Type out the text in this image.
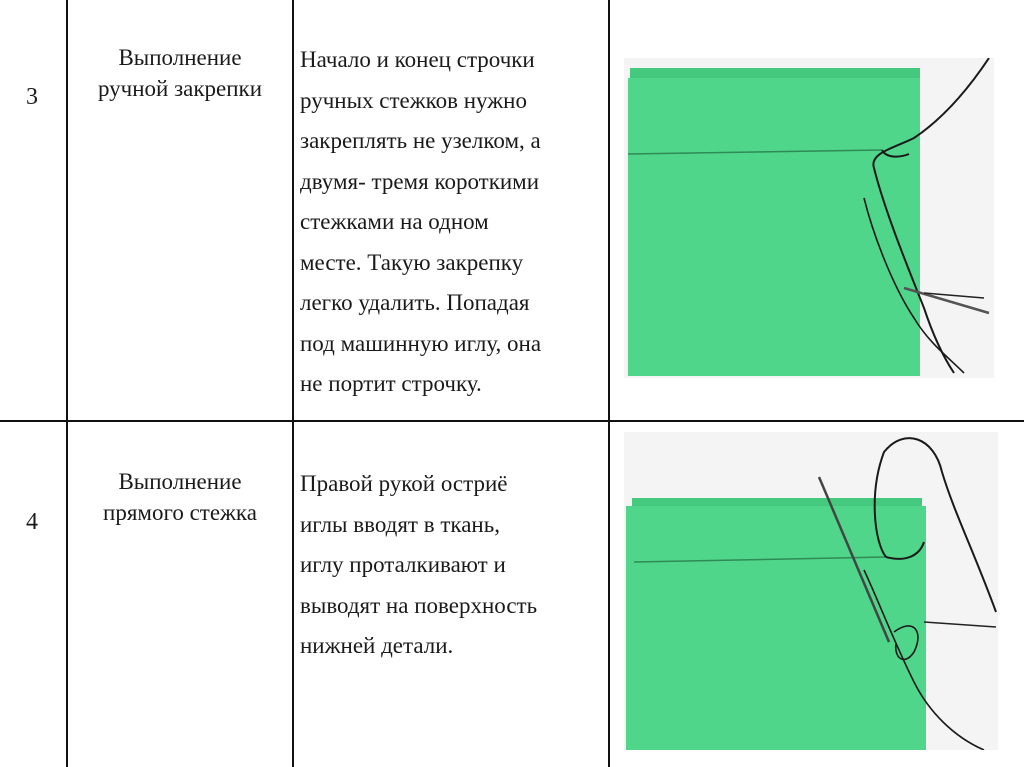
3
Выполнение
ручной закрепки
Начало и конец строчки
ручных стежков нужно
закреплять не узелком, а
двумя- тремя короткими
стежками на одном
месте. Такую закрепку
легко удалить. Попадая
под машинную иглу, она
не портит строчку.
4
Выполнение
прямого стежка
Правой рукой остриё
иглы вводят в ткань,
иглу проталкивают и
выводят на поверхность
нижней детали.
